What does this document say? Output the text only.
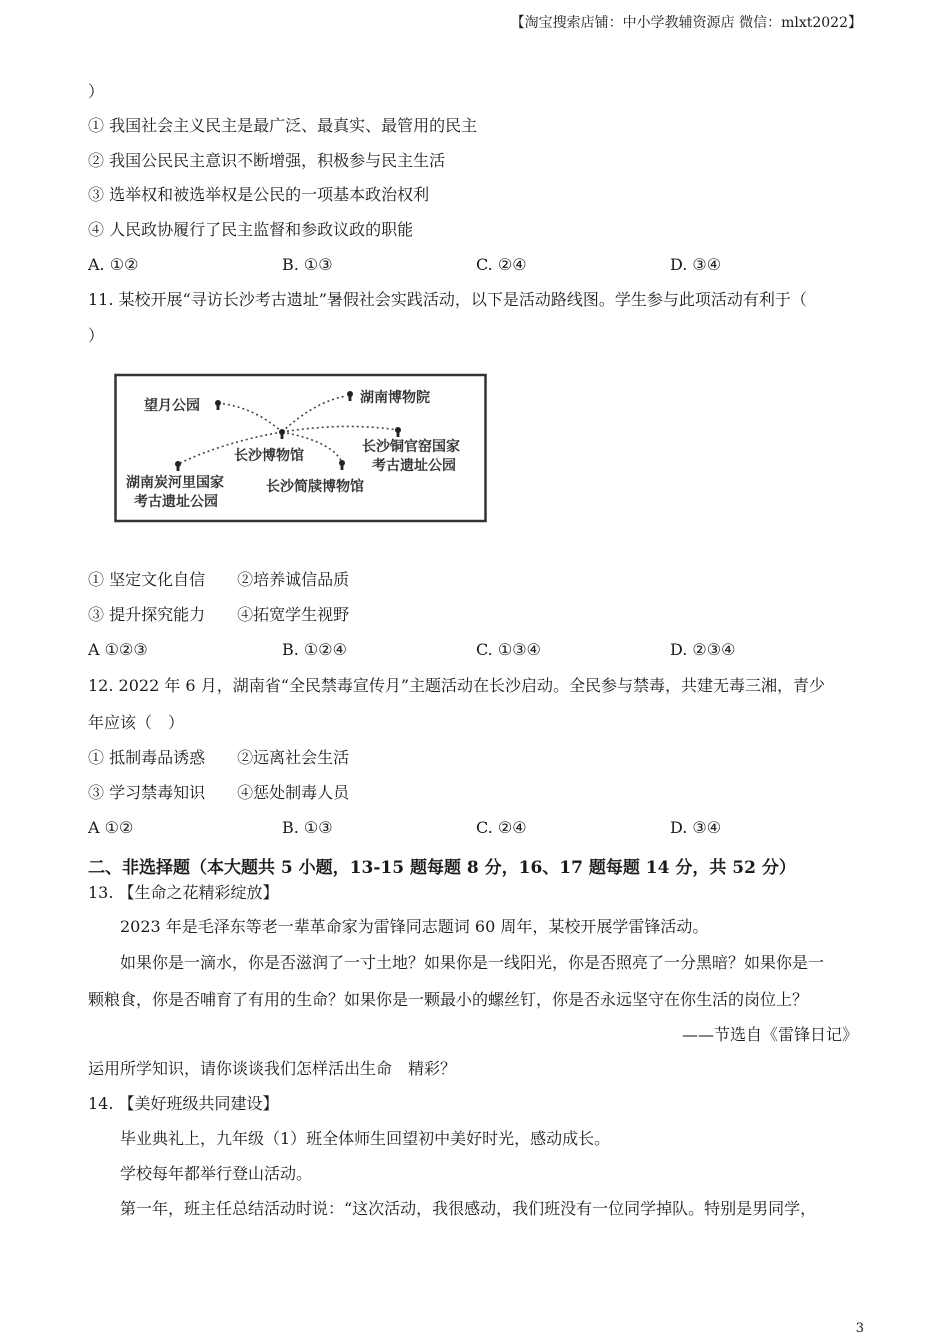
【淘宝搜索店铺：中小学教辅资源店 微信：mlxt2022】
）
① 我国社会主义民主是最广泛、最真实、最管用的民主
② 我国公民民主意识不断增强，积极参与民主生活
③ 选举权和被选举权是公民的一项基本政治权利
④ 人民政协履行了民主监督和参政议政的职能
A. ①②	B. ①③	C. ②④	D. ③④
11. 某校开展“寻访长沙考古遗址”暑假社会实践活动，以下是活动路线图。学生参与此项活动有利于（
）
望月公园	湖南博物院
长沙博物馆
长沙铜官窑国家
考古遗址公园
湖南炭河里国家
考古遗址公园
长沙简牍博物馆
① 坚定文化自信　　②培养诚信品质
③ 提升探究能力　　④拓宽学生视野
A ①②③	B. ①②④	C. ①③④	D. ②③④
12. 2022 年 6 月，湖南省“全民禁毒宣传月”主题活动在长沙启动。全民参与禁毒，共建无毒三湘，青少
年应该（　）
① 抵制毒品诱惑　　②远离社会生活
③ 学习禁毒知识　　④惩处制毒人员
A ①②	B. ①③	C. ②④	D. ③④
二、非选择题（本大题共 5 小题，13-15 题每题 8 分，16、17 题每题 14 分，共 52 分）
13. 【生命之花精彩绽放】
2023 年是毛泽东等老一辈革命家为雷锋同志题词 60 周年，某校开展学雷锋活动。
如果你是一滴水，你是否滋润了一寸土地？如果你是一线阳光，你是否照亮了一分黑暗？如果你是一
颗粮食，你是否哺育了有用的生命？如果你是一颗最小的螺丝钉，你是否永远坚守在你生活的岗位上？
——节选自《雷锋日记》
运用所学知识，请你谈谈我们怎样活出生命　精彩？
14. 【美好班级共同建设】
毕业典礼上，九年级（1）班全体师生回望初中美好时光，感动成长。
学校每年都举行登山活动。
第一年，班主任总结活动时说：“这次活动，我很感动，我们班没有一位同学掉队。特别是男同学，
3
